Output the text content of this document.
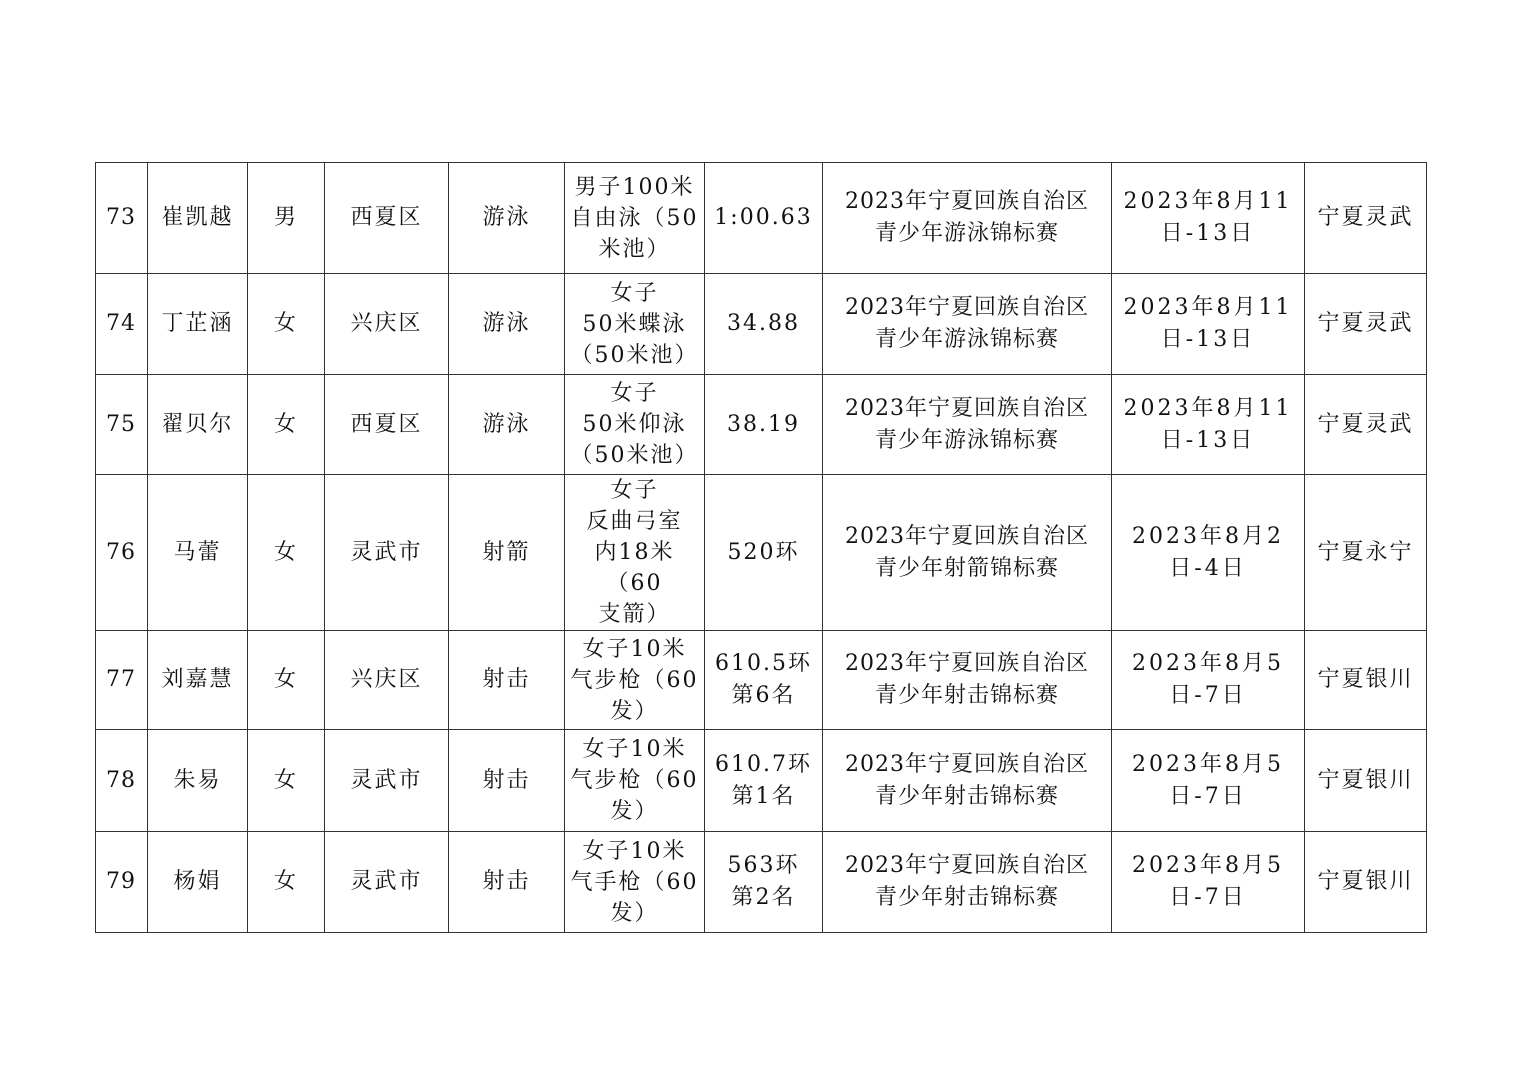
73	崔凯越	男	西夏区	游泳	男子100米
自由泳（50
米池）	1:00.63	2023年宁夏回族自治区
青少年游泳锦标赛	2023年8月11
日-13日	宁夏灵武
74	丁芷涵	女	兴庆区	游泳	女子
50米蝶泳
（50米池）	34.88	2023年宁夏回族自治区
青少年游泳锦标赛	2023年8月11
日-13日	宁夏灵武
75	翟贝尔	女	西夏区	游泳	女子
50米仰泳
（50米池）	38.19	2023年宁夏回族自治区
青少年游泳锦标赛	2023年8月11
日-13日	宁夏灵武
76	马蕾	女	灵武市	射箭	女子
反曲弓室
内18米（60
支箭）	520环	2023年宁夏回族自治区
青少年射箭锦标赛	2023年8月2
日-4日	宁夏永宁
77	刘嘉慧	女	兴庆区	射击	女子10米
气步枪（60
发）	610.5环
第6名	2023年宁夏回族自治区
青少年射击锦标赛	2023年8月5
日-7日	宁夏银川
78	朱易	女	灵武市	射击	女子10米
气步枪（60
发）	610.7环
第1名	2023年宁夏回族自治区
青少年射击锦标赛	2023年8月5
日-7日	宁夏银川
79	杨娟	女	灵武市	射击	女子10米
气手枪（60
发）	563环
第2名	2023年宁夏回族自治区
青少年射击锦标赛	2023年8月5
日-7日	宁夏银川
